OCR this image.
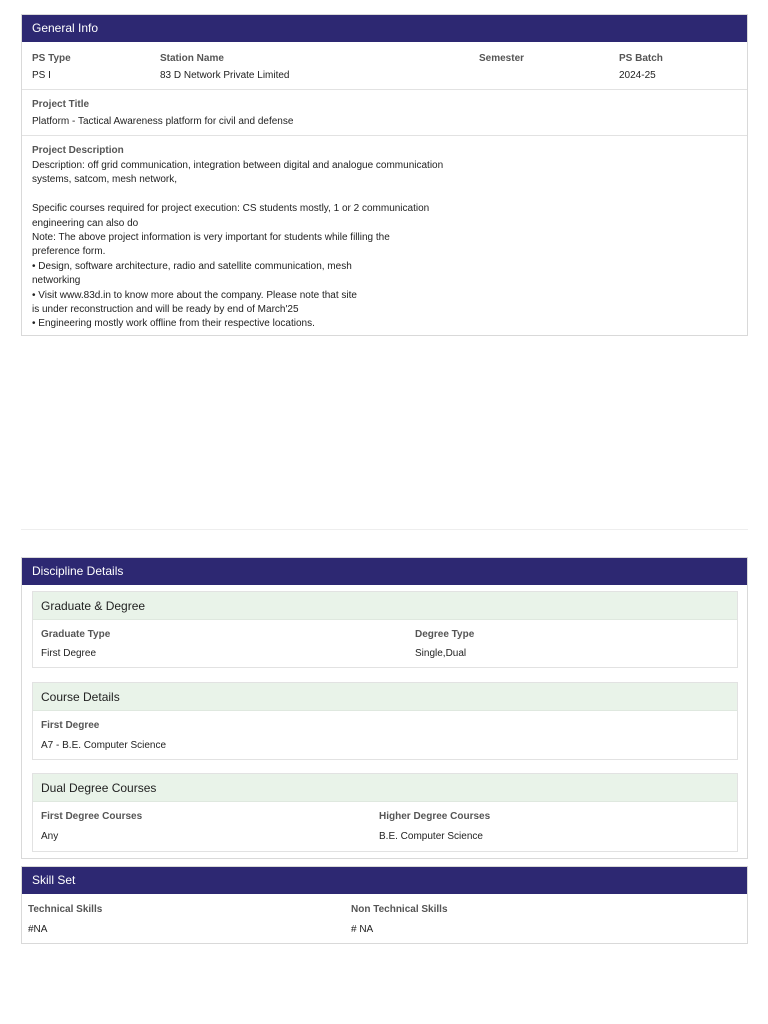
General Info
PS Type
PS I
Station Name
83 D Network Private Limited
Semester	PS Batch
2024-25
Project Title
Platform - Tactical Awareness platform for civil and defense
Project Description
Description: off grid communication, integration between digital and analogue communication
systems, satcom, mesh network,
Specific courses required for project execution: CS students mostly, 1 or 2 communication
engineering can also do
Note: The above project information is very important for students while filling the
preference form.
• Design, software architecture, radio and satellite communication, mesh
networking
• Visit www.83d.in to know more about the company. Please note that site
is under reconstruction and will be ready by end of March'25
• Engineering mostly work offline from their respective locations.
Discipline Details
Graduate & Degree
Graduate Type
First Degree
Degree Type
Single,Dual
Course Details
First Degree
A7 - B.E. Computer Science
Dual Degree Courses
First Degree Courses
Any
Higher Degree Courses
B.E. Computer Science
Skill Set
Technical Skills
#NA
Non Technical Skills
# NA
